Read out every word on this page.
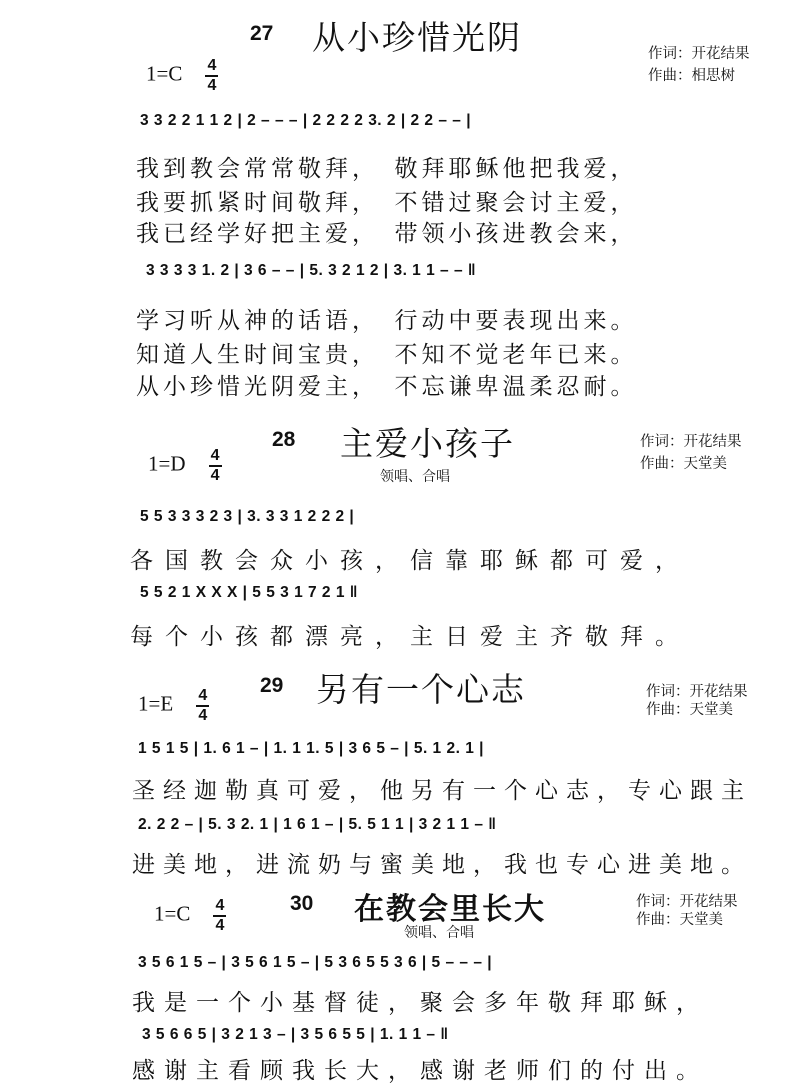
27 从小珍惜光阴	作词：开花结果
作曲：相思树
$1=C \frac{4}{4}$
3 3 2 2 1 1 2 | 2 – – – | 2 2 2 2 3. 2 | 2 2 – – |
我到教会常常敬拜，　敬拜耶稣他把我爱，
我要抓紧时间敬拜，　不错过聚会讨主爱，
我已经学好把主爱，　带领小孩进教会来，
3 3 3 3 1. 2 | 3 6 – – | 5. 3 2 1 2 | 3. 1 1 – – ‖
学习听从神的话语，　行动中要表现出来。
知道人生时间宝贵，　不知不觉老年已来。
从小珍惜光阴爱主，　不忘谦卑温柔忍耐。
28 主爱小孩子
领唱、合唱
作词：开花结果
作曲：天堂美
$1=D \frac{4}{4}$
5 5 3 3 3 2 3 | 3. 3 3 1 2 2 2 |
各国教会众小孩，信靠耶稣都可爱，
5 5 2 1 X X X | 5 5 3 1 7 2 1 ‖
每个小孩都漂亮，主日爱主齐敬拜。
29 另有一个心志	作词：开花结果
作曲：天堂美
$1=E \frac{4}{4}$
1 5 1 5 | 1. 6 1 – | 1. 1 1. 5 | 3 6 5 – | 5. 1 2. 1 |
圣经迦勒真可爱，他另有一个心志，专心跟主
2. 2 2 – | 5. 3 2. 1 | 1 6 1 – | 5. 5 1 1 | 3 2 1 1 – ‖
进美地，进流奶与蜜美地，我也专心进美地。
30 在教会里长大
领唱、合唱
作词：开花结果
作曲：天堂美
$1=C \frac{4}{4}$
3 5 6 1 5 – | 3 5 6 1 5 – | 5 3 6 5 5 3 6 | 5 – – – |
我是一个小基督徒，聚会多年敬拜耶稣，
3 5 6 6 5 | 3 2 1 3 – | 3 5 6 5 5 | 1. 1 1 – ‖
感谢主看顾我长大，感谢老师们的付出。
